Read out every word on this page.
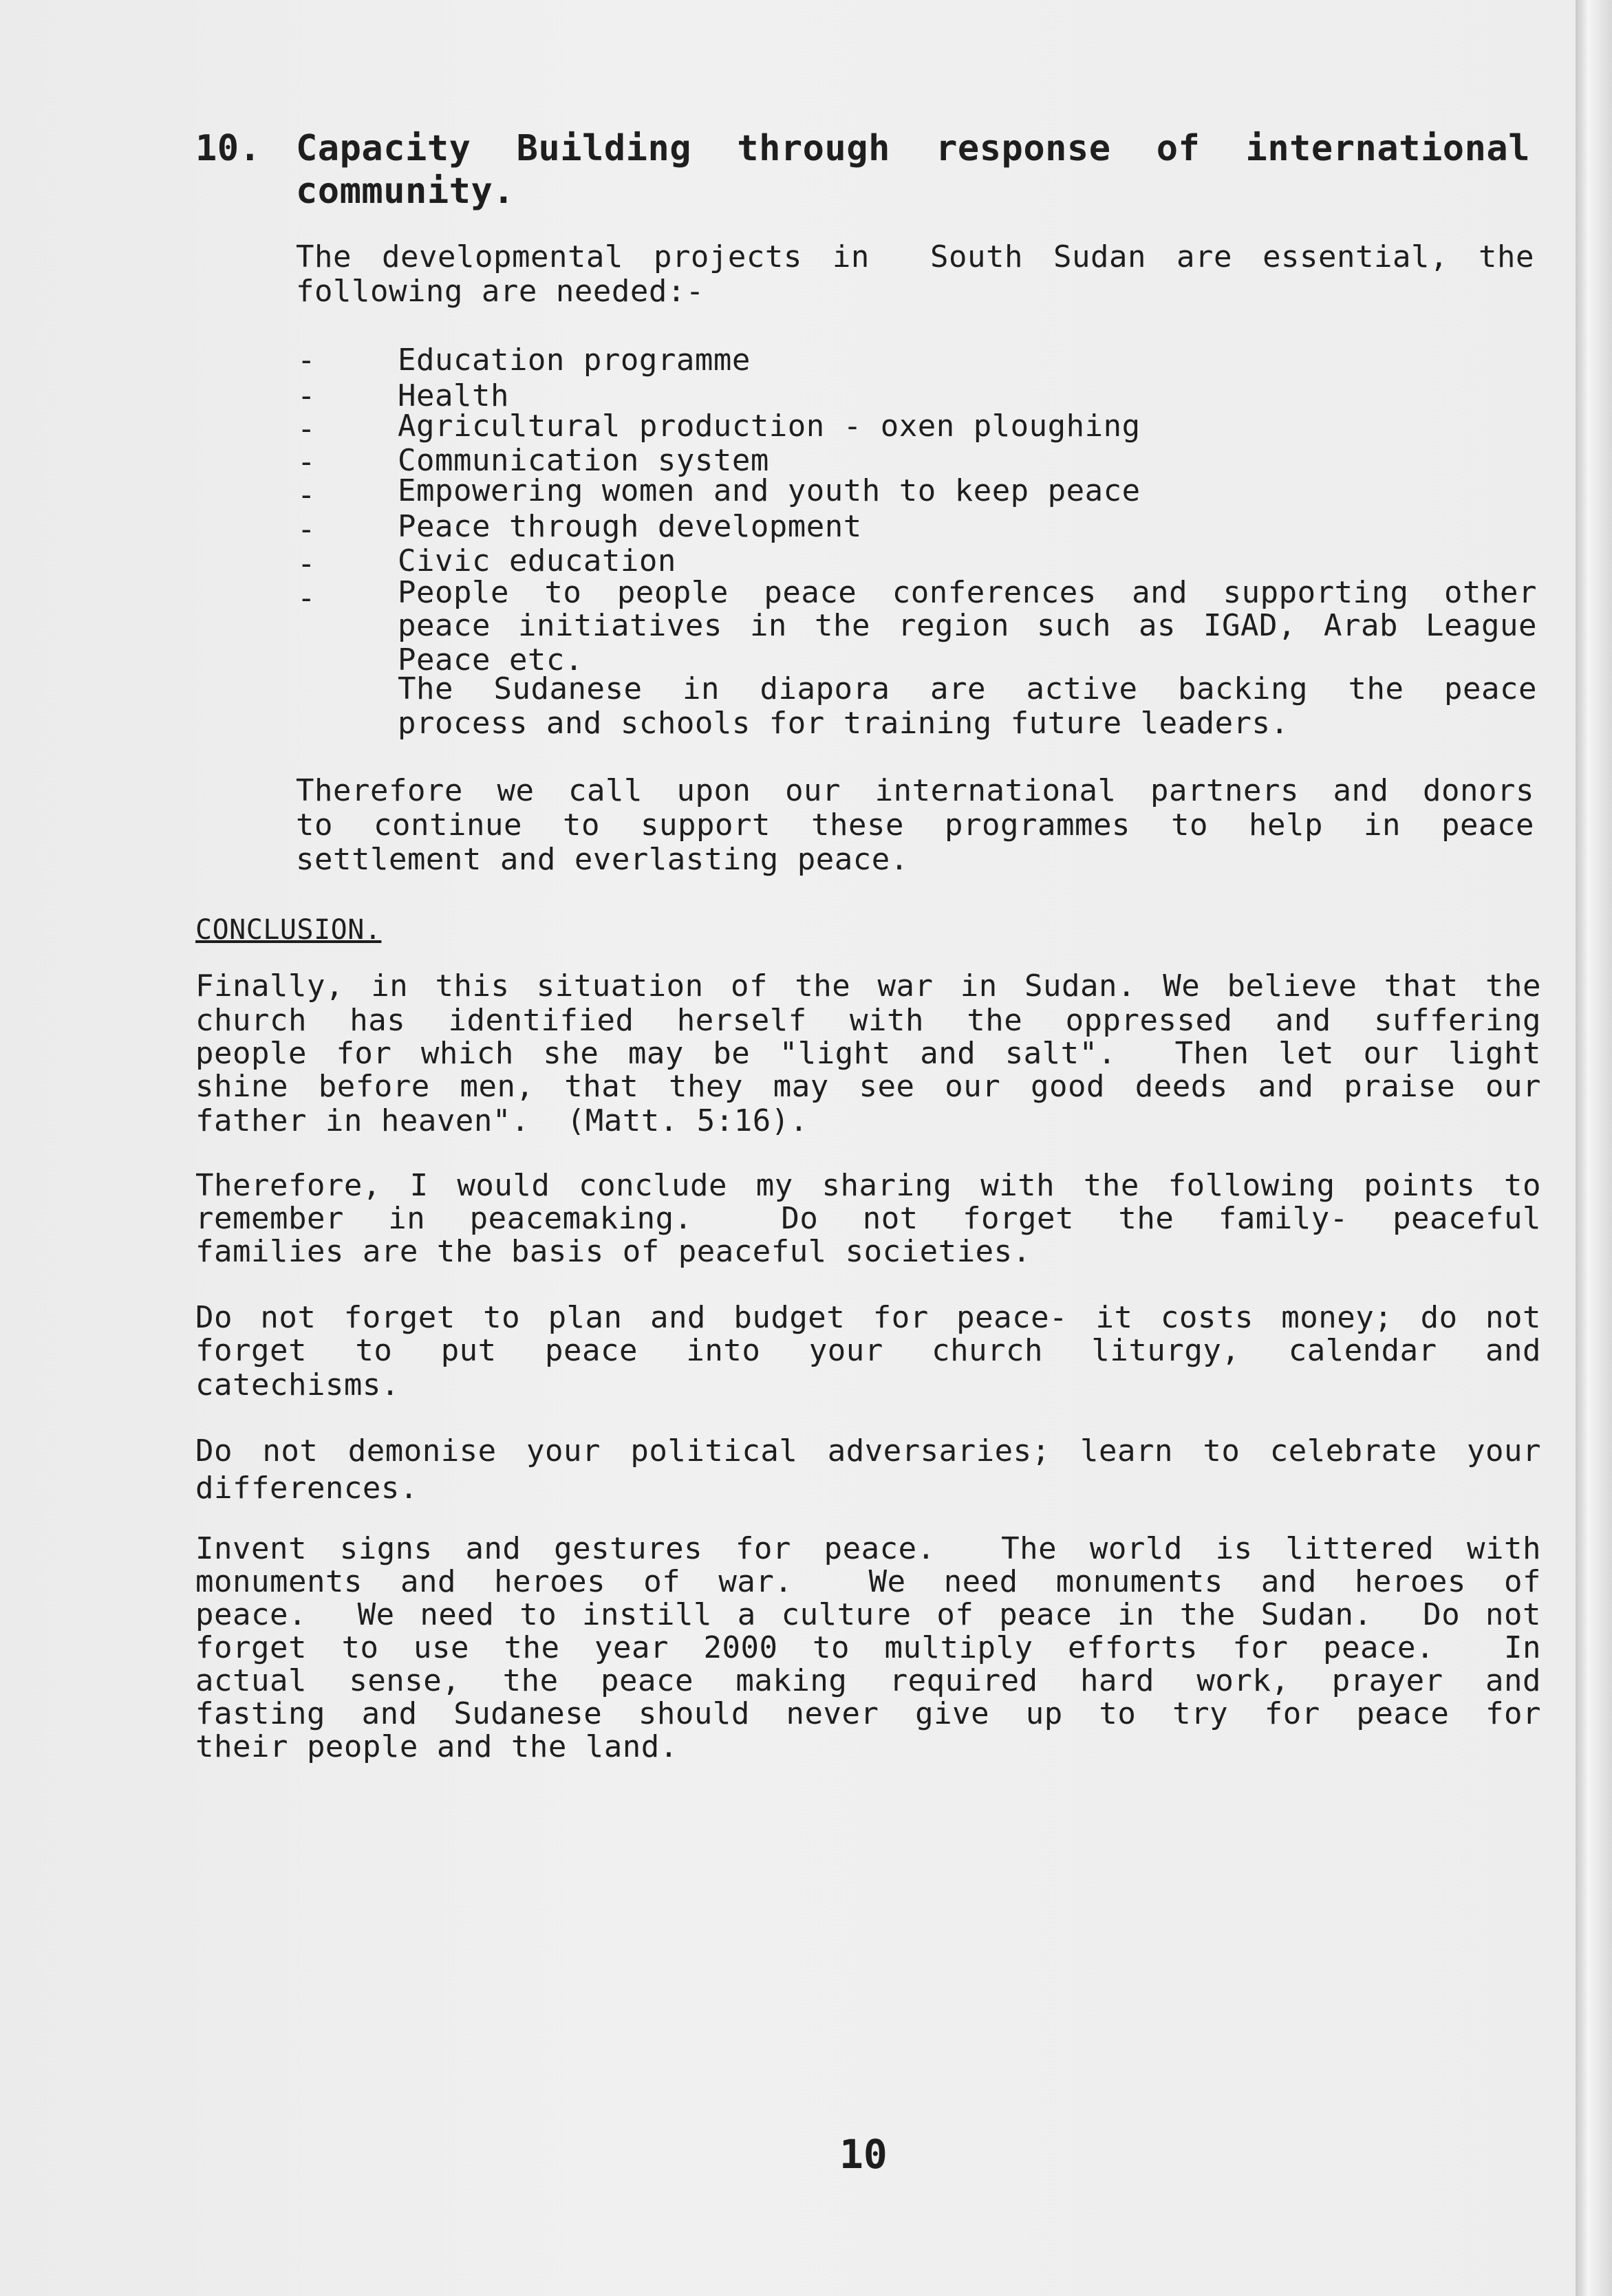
10. Capacity Building through response of international
community.
The developmental projects in  South Sudan are essential, the
following are needed:-
-	Education programme
-	Health
-	Agricultural production - oxen ploughing
-	Communication system
-	Empowering women and youth to keep peace
-	Peace through development
-	Civic education
-	People to people peace conferences and supporting other
peace initiatives in the region such as IGAD, Arab League
Peace etc.
The Sudanese in diapora are active backing the peace
process and schools for training future leaders.
Therefore we call upon our international partners and donors
to continue to support these programmes to help in peace
settlement and everlasting peace.
CONCLUSION.
Finally, in this situation of the war in Sudan. We believe that the
church has identified herself with the oppressed and suffering
people for which she may be "light and salt".  Then let our light
shine before men, that they may see our good deeds and praise our
father in heaven".  (Matt. 5:16).
Therefore, I would conclude my sharing with the following points to
remember in peacemaking.  Do not forget the family- peaceful
families are the basis of peaceful societies.
Do not forget to plan and budget for peace- it costs money; do not
forget to put peace into your church liturgy, calendar and
catechisms.
Do not demonise your political adversaries; learn to celebrate your
differences.
Invent signs and gestures for peace.  The world is littered with
monuments and heroes of war.  We need monuments and heroes of
peace.  We need to instill a culture of peace in the Sudan.  Do not
forget to use the year 2000 to multiply efforts for peace.  In
actual sense, the peace making required hard work, prayer and
fasting and Sudanese should never give up to try for peace for
their people and the land.
10
